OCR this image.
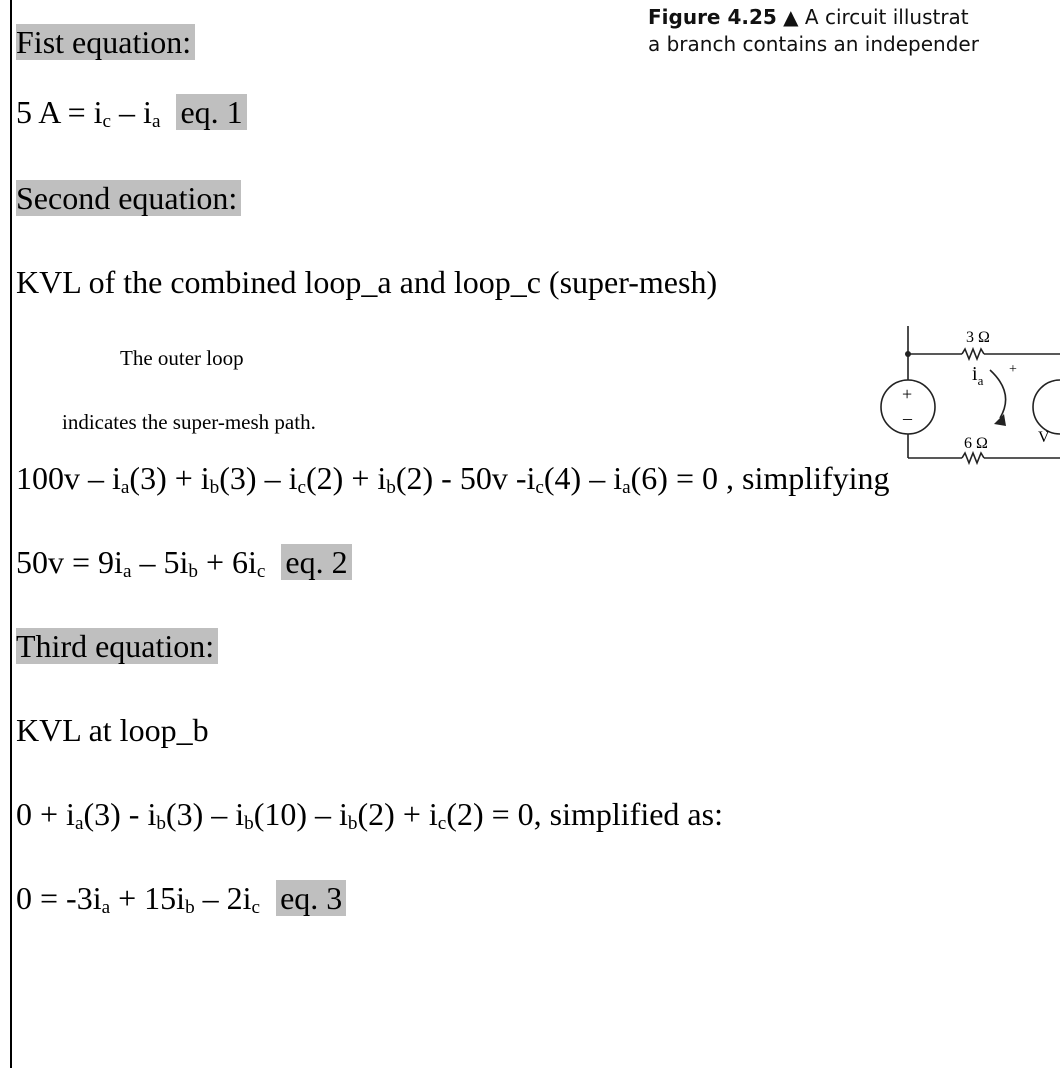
Figure 4.25 ▲ A circuit illustrat
a branch contains an independer
Fist equation:
5 $A = i_c - i_a$ eq. 1
Second equation:
KVL of the combined loop_a and loop_c (super-mesh)
The outer loop
indicates the super-mesh path.
3 Ω
6 Ω
$i_a$
+
+
–
V
$100v - i_a(3) + i_b(3) - i_c(2) + i_b(2) - 50v$ $-i_c(4) - i_a(6) = 0$ , simplifying
$50v = 9i_a - 5i_b + 6i_c$ eq. 2
Third equation:
KVL at loop_b
$0 + i_a(3) - i_b(3) - i_b(10) - i_b(2) + i_c(2) = 0$, simplified as:
$0 = -3i_a + 15i_b - 2i_c$ eq. 3
